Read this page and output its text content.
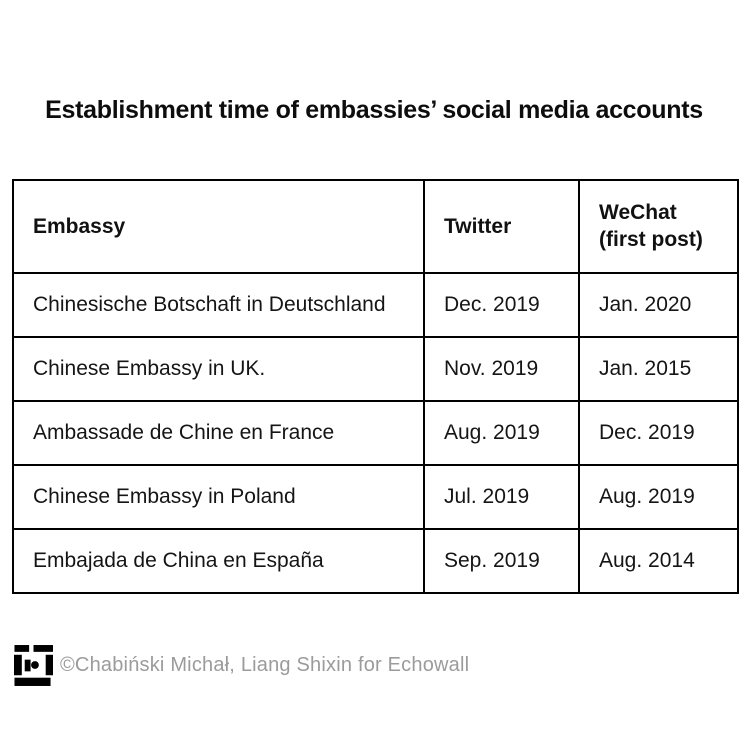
Establishment time of embassies’ social media accounts
Embassy	Twitter	WeChat
(first post)

Chinesische Botschaft in Deutschland	Dec. 2019	Jan. 2020
Chinese Embassy in UK.	Nov. 2019	Jan. 2015
Ambassade de Chine en France	Aug. 2019	Dec. 2019
Chinese Embassy in Poland	Jul. 2019	Aug. 2019
Embajada de China en España	Sep. 2019	Aug. 2014
©Chabiński Michał, Liang Shixin for Echowall
